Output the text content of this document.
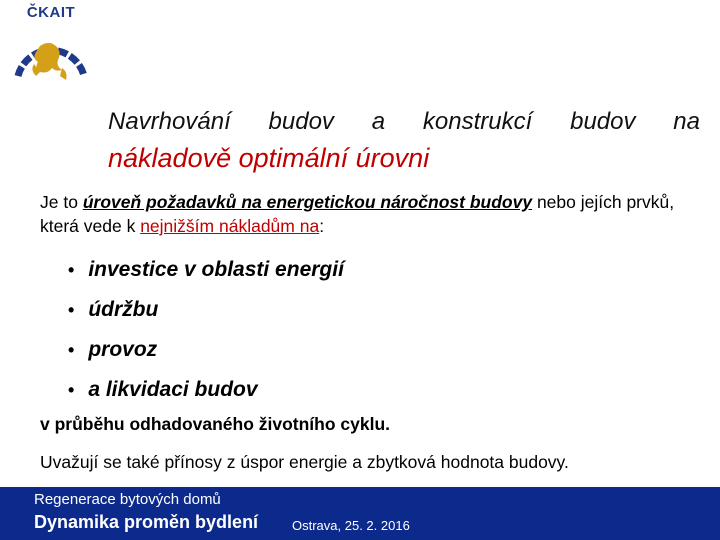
ČKAIT
Navrhování budov a konstrukcí budov na
nákladově optimální úrovni
Je to úroveň požadavků na energetickou náročnost budovy nebo jejích prvků, která vede k nejnižším nákladům na:
• investice v oblasti energií
• údržbu
• provoz
• a likvidaci budov
v průběhu odhadovaného životního cyklu.
Uvažují se také přínosy z úspor energie a zbytková hodnota budovy.
Regenerace bytových domů
Dynamika proměn bydlení	Ostrava, 25. 2. 2016
